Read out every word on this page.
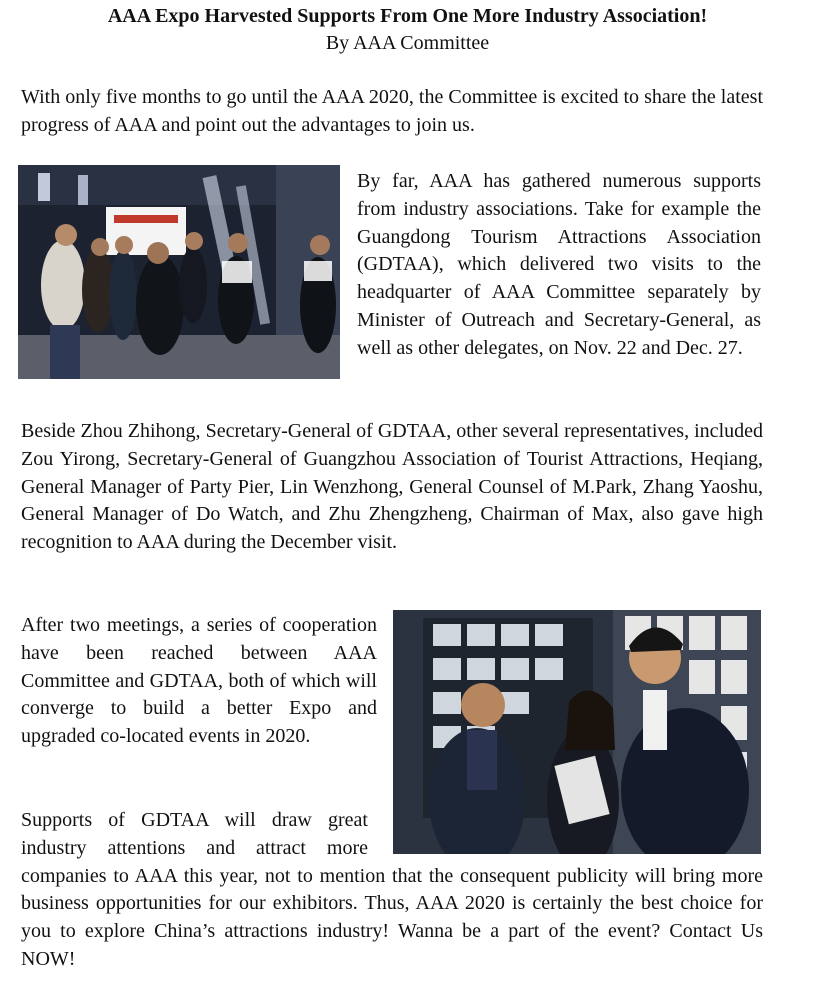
AAA Expo Harvested Supports From One More Industry Association!
By AAA Committee

With only five months to go until the AAA 2020, the Committee is excited to share the latest progress of AAA and point out the advantages to join us.

By far, AAA has gathered numerous supports from industry associations. Take for example the Guangdong Tourism Attractions Association (GDTAA), which delivered two visits to the headquarter of AAA Committee separately by Minister of Outreach and Secretary-General, as well as other delegates, on Nov. 22 and Dec. 27.

Beside Zhou Zhihong, Secretary-General of GDTAA, other several representatives, included Zou Yirong, Secretary-General of Guangzhou Association of Tourist Attractions, Heqiang, General Manager of Party Pier, Lin Wenzhong, General Counsel of M.Park, Zhang Yaoshu, General Manager of Do Watch, and Zhu Zhengzheng, Chairman of Max, also gave high recognition to AAA during the December visit.

After two meetings, a series of cooperation have been reached between AAA Committee and GDTAA, both of which will converge to build a better Expo and upgraded co-located events in 2020.

Supports of GDTAA will draw great industry attentions and attract more companies to AAA this year, not to mention that the consequent publicity will bring more business opportunities for our exhibitors. Thus, AAA 2020 is certainly the best choice for you to explore China’s attractions industry! Wanna be a part of the event? Contact Us NOW!
